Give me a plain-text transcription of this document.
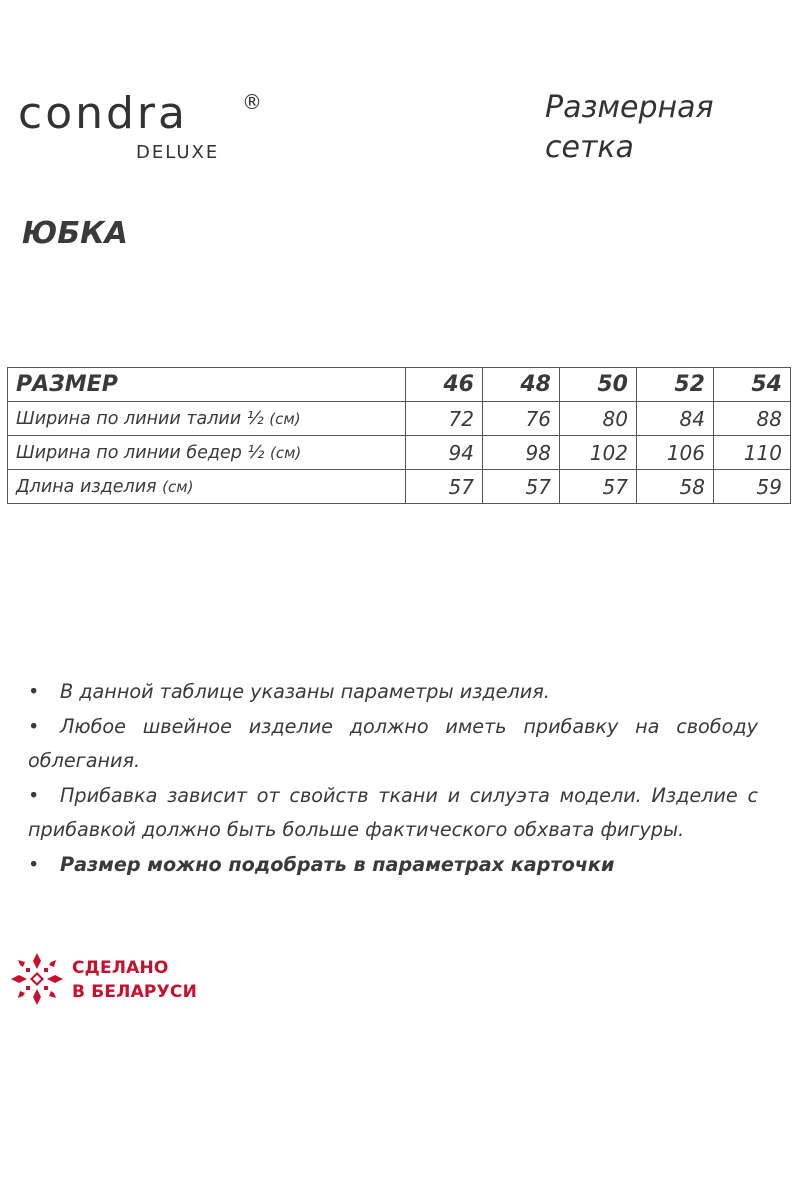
condra	®
DELUXE
Размерная
сетка
ЮБКА
РАЗМЕР	46	48	50	52	54
Ширина по линии талии ½ (см)	72	76	80	84	88
Ширина по линии бедер ½ (см)	94	98	102	106	110
Длина изделия (см)	57	57	57	58	59

• В данной таблице указаны параметры изделия.

• Любое швейное изделие должно иметь прибавку на свободу облегания.

• Прибавка зависит от свойств ткани и силуэта модели. Изделие с прибавкой должно быть больше фактического обхвата фигуры.

• Размер можно подобрать в параметрах карточки

СДЕЛАНО
В БЕЛАРУСИ
